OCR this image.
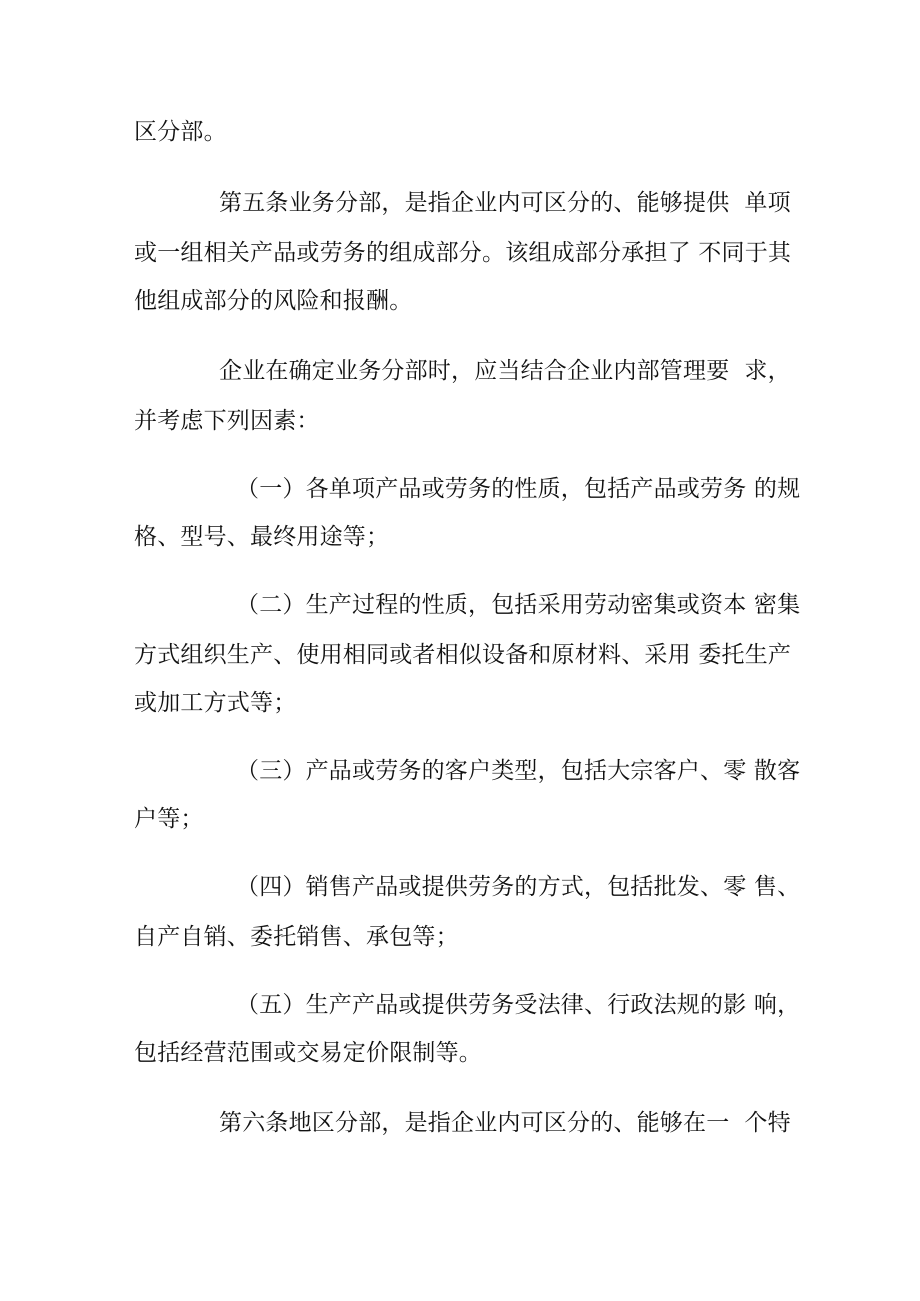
区分部。
第五条业务分部，是指企业内可区分的、能够提供  单项
或一组相关产品或劳务的组成部分。该组成部分承担了 不同于其
他组成部分的风险和报酬。
企业在确定业务分部时，应当结合企业内部管理要  求，
并考虑下列因素：
（一）各单项产品或劳务的性质，包括产品或劳务 的规
格、型号、最终用途等；
（二）生产过程的性质，包括采用劳动密集或资本 密集
方式组织生产、使用相同或者相似设备和原材料、采用 委托生产
或加工方式等；
（三）产品或劳务的客户类型，包括大宗客户、零 散客
户等；
（四）销售产品或提供劳务的方式，包括批发、零 售、
自产自销、委托销售、承包等；
（五）生产产品或提供劳务受法律、行政法规的影 响，
包括经营范围或交易定价限制等。
第六条地区分部，是指企业内可区分的、能够在一  个特
